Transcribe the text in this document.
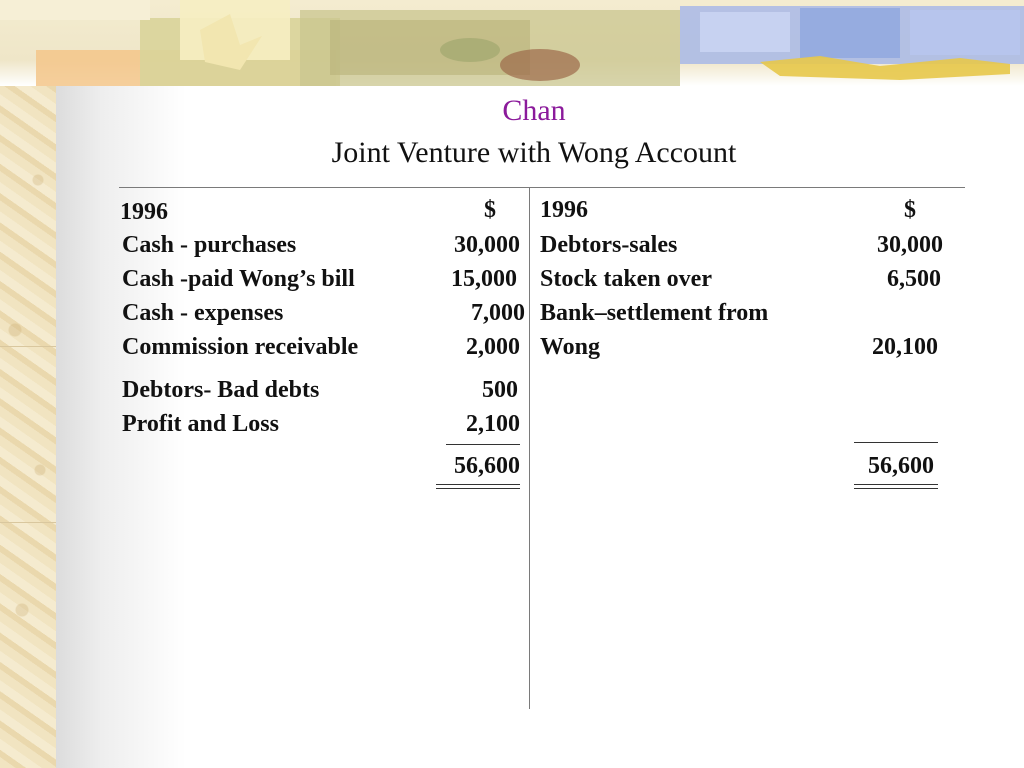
Chan
Joint Venture with Wong Account
1996	$
Cash - purchases	30,000
Cash -paid Wong’s bill	15,000
Cash - expenses	7,000
Commission receivable	2,000
Debtors- Bad debts	500
Profit and Loss	2,100
56,600
1996	$
Debtors-sales	30,000
Stock taken over	6,500
Bank–settlement from
Wong	20,100
56,600
